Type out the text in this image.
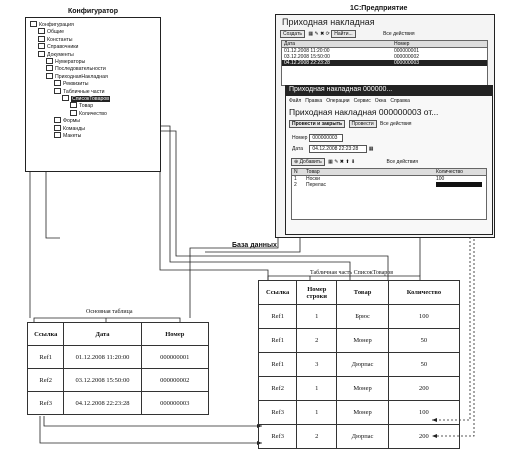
Конфигуратор
Конфигурация
Общие
Константы
Справочники
Документы
Нумераторы
Последовательности
ПриходнаяНакладная
Реквизиты
Табличные части
СписокТоваров
Товар
Количество
Формы
Команды
Макеты
1С:Предприятие
Приходная накладная
Создать ▦ ✎ ✖ ⟳ Найти...	Все действия
Дата	Номер
01.12.2008 11:20:00	000000001
03.12.2008 15:50:00	000000002
04.12.2008 22:23:28	000000003
Приходная накладная 000000...
Файл Правка Операции Сервис Окна Справка
Приходная накладная 000000003 от...
Провести и закрыть Провести Все действия
Номер 000000003
Дата 04.12.2008 22:23:28 ▦
⊕ Добавить ▦ ✎ ✖ ⬆ ⬇	Все действия
N	Товар	Количество
1	Носки	100
2	Перелас
База данных
Основная таблица
Ссылка	Дата	Номер
Ref1	01.12.2008 11:20:00	000000001
Ref2	03.12.2008 15:50:00	000000002
Ref3	04.12.2008 22:23:28	000000003
Табличная часть СписокТоваров
Ссылка	Номер строки	Товар	Количество
Ref1	1	Брюс	100
Ref1	2	Монер	50
Ref1	3	Дюрпас	50
Ref2	1	Монер	200
Ref3	1	Монер	100
Ref3	2	Дюрпас	200
